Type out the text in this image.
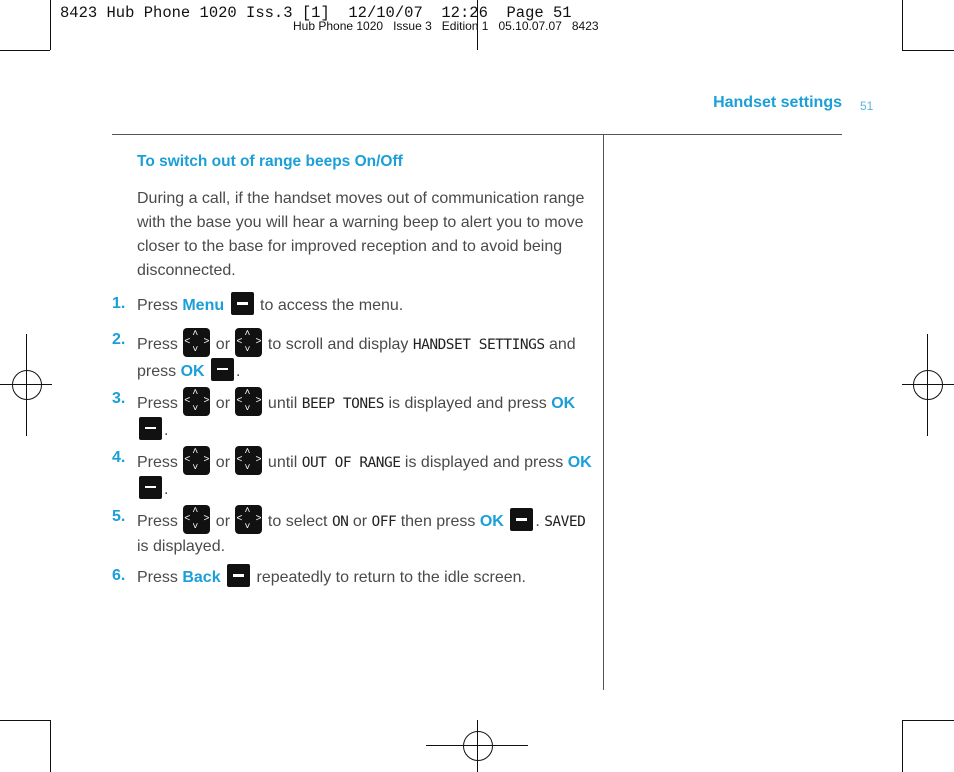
Hub Phone 1020   Issue 3   Edition 1   05.10.07.07   8423
8423 Hub Phone 1020 Iss.3 [1]  12/10/07  12:26  Page 51
Handset settings 51
To switch out of range beeps On/Off
During a call, if the handset moves out of communication range with the base you will hear a warning beep to alert you to move closer to the base for improved reception and to avoid being disconnected.
1. Press Menu  to access the menu.
2. Press
˄
˅
˂ ˃ or
˄
˅
˂ ˃ to scroll and display HANDSET SETTINGS and press OK .
3. Press
˄
˅
˂ ˃ or
˄
˅
˂ ˃ until BEEP TONES is displayed and press OK .
4. Press
˄
˅
˂ ˃ or
˄
˅
˂ ˃ until OUT OF RANGE is displayed and press OK .
5. Press
˄
˅
˂ ˃ or
˄
˅
˂ ˃ to select ON or OFF then press OK . SAVED is displayed.
6. Press Back  repeatedly to return to the idle screen.
